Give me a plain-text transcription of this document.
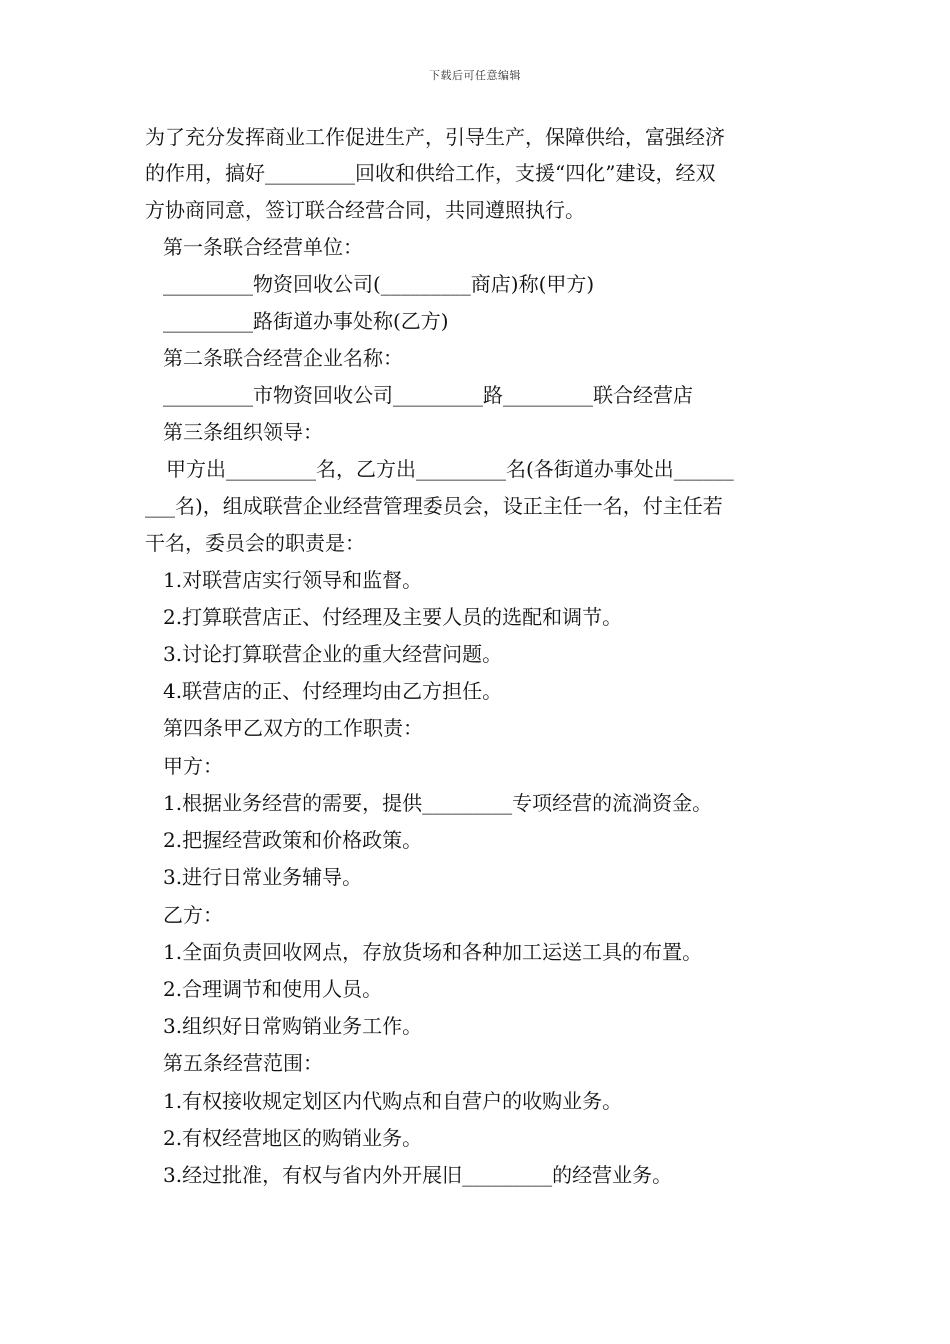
下载后可任意编辑
为了充分发挥商业工作促进生产，引导生产，保障供给，富强经济
的作用，搞好_________回收和供给工作，支援“四化”建设，经双
方协商同意，签订联合经营合同，共同遵照执行。
第一条联合经营单位：
_________物资回收公司(_________商店)称(甲方)
_________路街道办事处称(乙方)
第二条联合经营企业名称：
_________市物资回收公司_________路_________联合经营店
第三条组织领导：
甲方出_________名，乙方出_________名(各街道办事处出______
___名)，组成联营企业经营管理委员会，设正主任一名，付主任若
干名，委员会的职责是：
1.对联营店实行领导和监督。
2.打算联营店正、付经理及主要人员的选配和调节。
3.讨论打算联营企业的重大经营问题。
4.联营店的正、付经理均由乙方担任。
第四条甲乙双方的工作职责：
甲方：
1.根据业务经营的需要，提供_________专项经营的流淌资金。
2.把握经营政策和价格政策。
3.进行日常业务辅导。
乙方：
1.全面负责回收网点，存放货场和各种加工运送工具的布置。
2.合理调节和使用人员。
3.组织好日常购销业务工作。
第五条经营范围：
1.有权接收规定划区内代购点和自营户的收购业务。
2.有权经营地区的购销业务。
3.经过批准，有权与省内外开展旧_________的经营业务。
